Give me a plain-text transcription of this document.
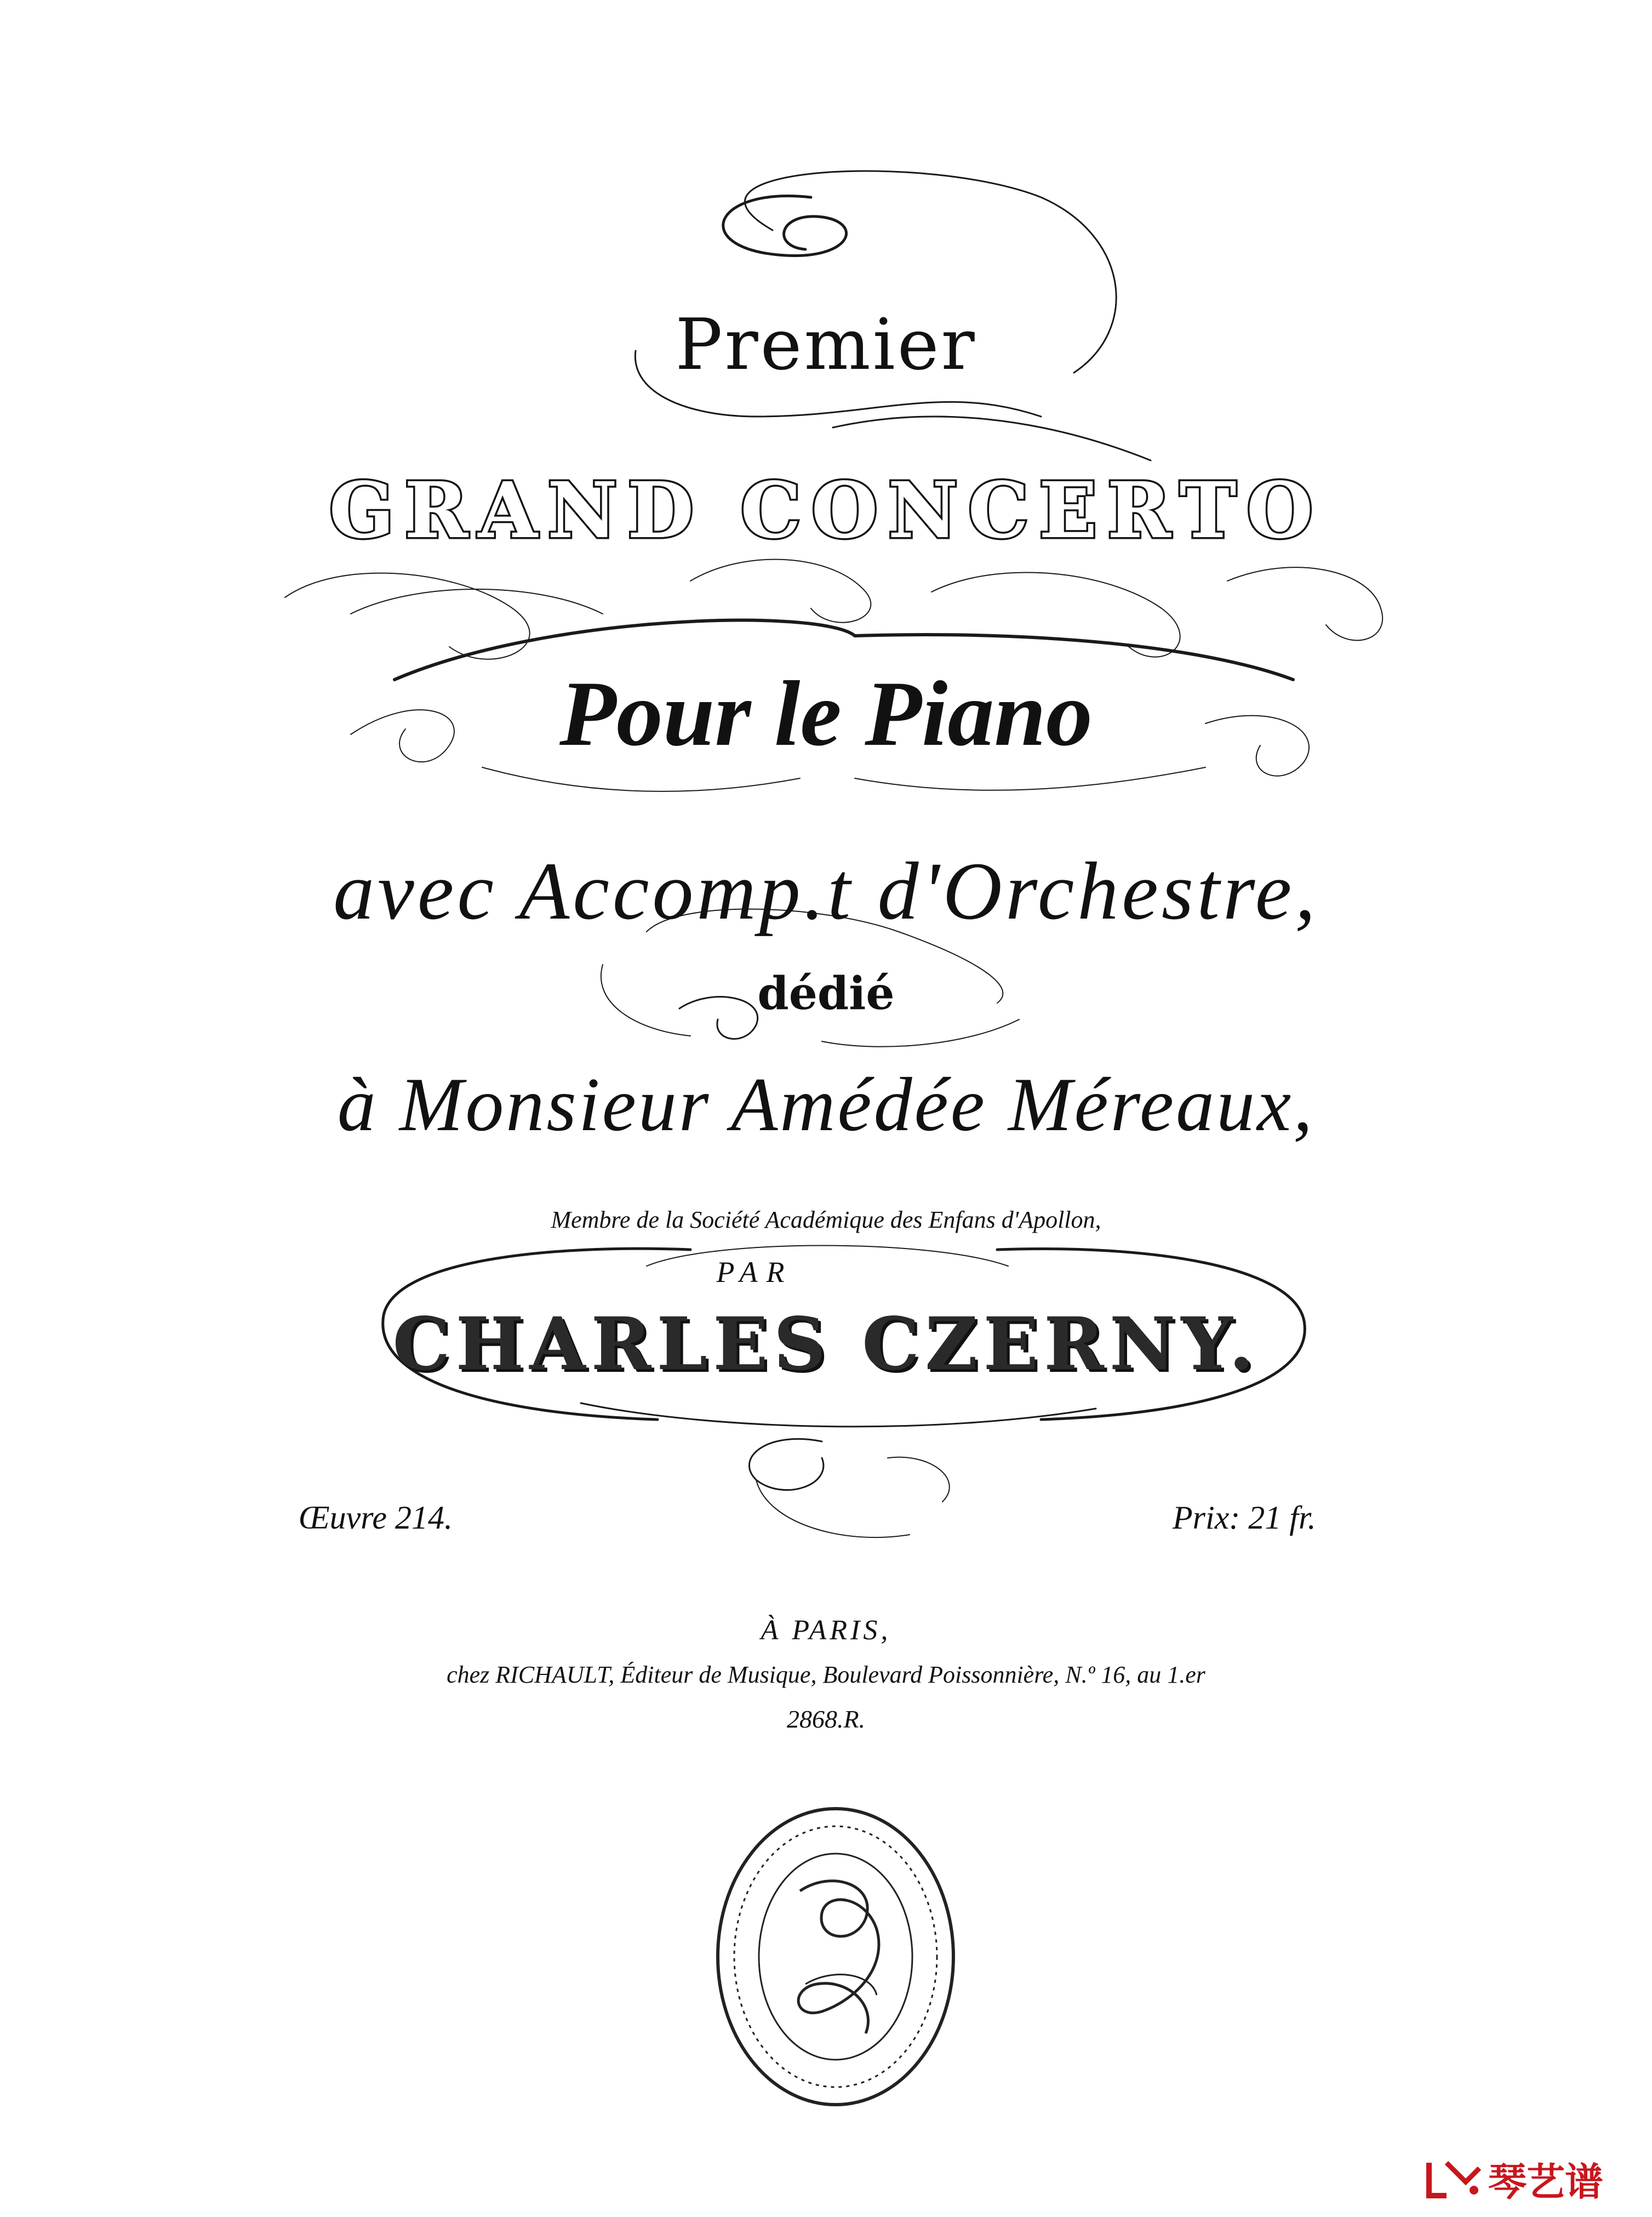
Premier

GRAND CONCERTO

Pour le Piano

avec Accomp.t d'Orchestre,

dédié

à Monsieur Amédée Méreaux,

Membre de la Société Académique des Enfans d'Apollon,

PAR

CHARLES CZERNY.

Œuvre 214.	Prix: 21 fr.

À PARIS,

chez RICHAULT, Éditeur de Musique, Boulevard Poissonnière, N.º 16, au 1.er

2868.R.

琴艺谱
